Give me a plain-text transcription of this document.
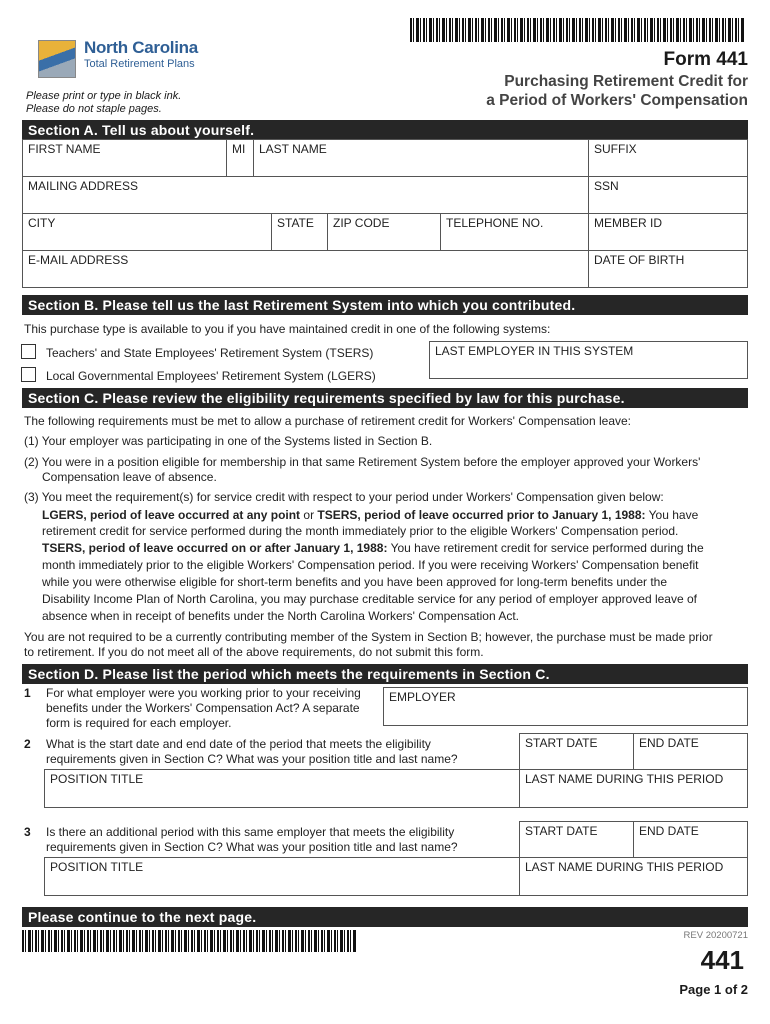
North Carolina
Total Retirement Plans	Form 441
Purchasing Retirement Credit for
a Period of Workers' Compensation
Please print or type in black ink.
Please do not staple pages.
Section A. Tell us about yourself.
FIRST NAME	MI	LAST NAME	SUFFIX
MAILING ADDRESS	SSN
CITY	STATE	ZIP CODE	TELEPHONE NO.	MEMBER ID
E-MAIL ADDRESS	DATE OF BIRTH
Section B. Please tell us the last Retirement System into which you contributed.
This purchase type is available to you if you have maintained credit in one of the following systems:
Teachers' and State Employees' Retirement System (TSERS)
Local Governmental Employees' Retirement System (LGERS)
LAST EMPLOYER IN THIS SYSTEM
Section C. Please review the eligibility requirements specified by law for this purchase.
The following requirements must be met to allow a purchase of retirement credit for Workers' Compensation leave:
(1) Your employer was participating in one of the Systems listed in Section B.
(2) You were in a position eligible for membership in that same Retirement System before the employer approved your Workers'
Compensation leave of absence.
(3) You meet the requirement(s) for service credit with respect to your period under Workers' Compensation given below:
LGERS, period of leave occurred at any point or TSERS, period of leave occurred prior to January 1, 1988: You have
retirement credit for service performed during the month immediately prior to the eligible Workers' Compensation period.
TSERS, period of leave occurred on or after January 1, 1988: You have retirement credit for service performed during the
month immediately prior to the eligible Workers' Compensation period. If you were receiving Workers' Compensation benefit
while you were otherwise eligible for short-term benefits and you have been approved for long-term benefits under the
Disability Income Plan of North Carolina, you may purchase creditable service for any period of employer approved leave of
absence when in receipt of benefits under the North Carolina Workers' Compensation Act.
You are not required to be a currently contributing member of the System in Section B; however, the purchase must be made prior
to retirement. If you do not meet all of the above requirements, do not submit this form.
Section D. Please list the period which meets the requirements in Section C.
1 For what employer were you working prior to your receiving
benefits under the Workers' Compensation Act? A separate
form is required for each employer.
EMPLOYER
2 What is the start date and end date of the period that meets the eligibility
requirements given in Section C? What was your position title and last name?
START DATE	END DATE
POSITION TITLE	LAST NAME DURING THIS PERIOD
3 Is there an additional period with this same employer that meets the eligibility
requirements given in Section C? What was your position title and last name?
START DATE	END DATE
POSITION TITLE	LAST NAME DURING THIS PERIOD
Please continue to the next page.
REV 20200721
441
Page 1 of 2
